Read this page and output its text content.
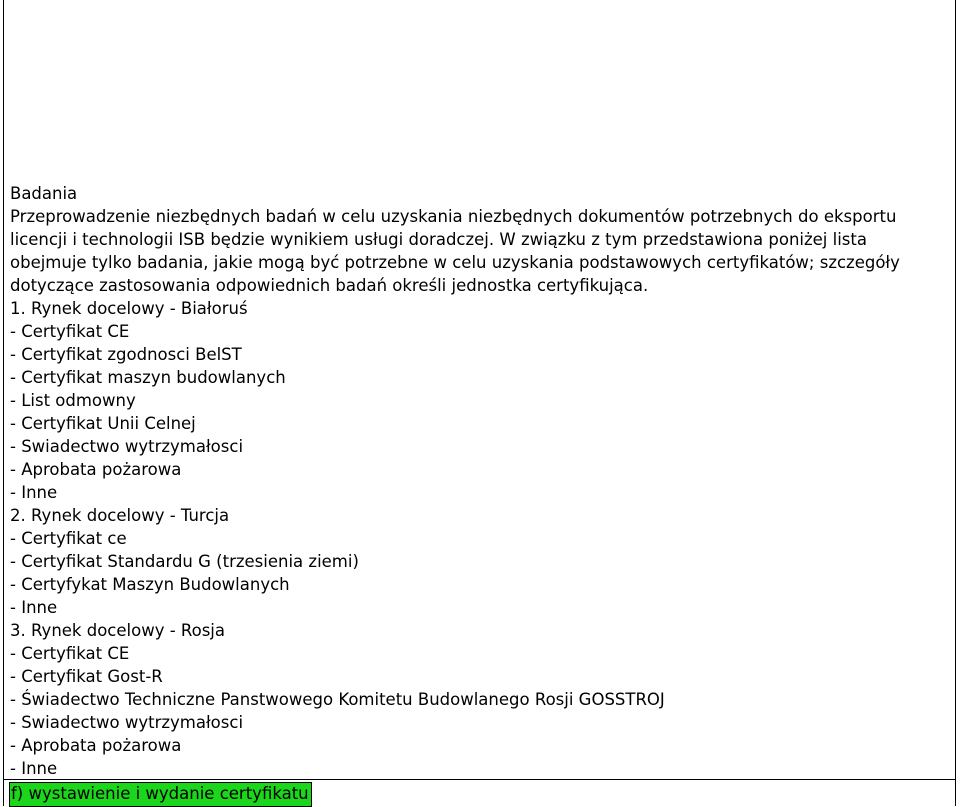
Badania
Przeprowadzenie niezbędnych badań w celu uzyskania niezbędnych dokumentów potrzebnych do eksportu
licencji i technologii ISB będzie wynikiem usługi doradczej. W związku z tym przedstawiona poniżej lista
obejmuje tylko badania, jakie mogą być potrzebne w celu uzyskania podstawowych certyfikatów; szczegóły
dotyczące zastosowania odpowiednich badań określi jednostka certyfikująca.
1. Rynek docelowy - Białoruś
- Certyfikat CE
- Certyfikat zgodnosci BelST
- Certyfikat maszyn budowlanych
- List odmowny
- Certyfikat Unii Celnej
- Swiadectwo wytrzymałosci
- Aprobata pożarowa
- Inne
2. Rynek docelowy - Turcja
- Certyfikat ce
- Certyfikat Standardu G (trzesienia ziemi)
- Certyfykat Maszyn Budowlanych
- Inne
3. Rynek docelowy - Rosja
- Certyfikat CE
- Certyfikat Gost-R
- Świadectwo Techniczne Panstwowego Komitetu Budowlanego Rosji GOSSTROJ
- Swiadectwo wytrzymałosci
- Aprobata pożarowa
- Inne
f) wystawienie i wydanie certyfikatu
